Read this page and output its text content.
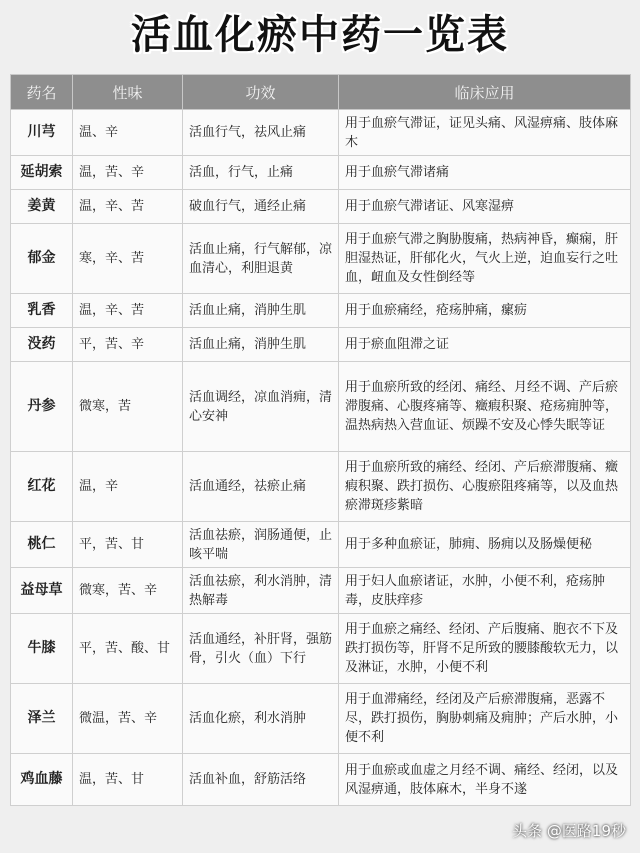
活血化瘀中药一览表
药名	性味	功效	临床应用
川芎	温、辛	活血行气，祛风止痛	用于血瘀气滞证，证见头痛、风湿痹痛、肢体麻木
延胡索	温，苦、辛	活血，行气，止痛	用于血瘀气滞诸痛
姜黄	温，辛、苦	破血行气，通经止痛	用于血瘀气滞诸证、风寒湿痹
郁金	寒，辛、苦	活血止痛，行气解郁，凉血清心，利胆退黄	用于血瘀气滞之胸胁腹痛，热病神昏，癫痫，肝胆湿热证，肝郁化火，气火上逆，迫血妄行之吐血，衄血及女性倒经等
乳香	温，辛、苦	活血止痛，消肿生肌	用于血瘀痛经，疮疡肿痛，瘰疬
没药	平，苦、辛	活血止痛，消肿生肌	用于瘀血阻滞之证
丹参	微寒，苦	活血调经，凉血消痈，清心安神	用于血瘀所致的经闭、痛经、月经不调、产后瘀滞腹痛、心腹疼痛等、癥瘕积聚、疮疡痈肿等，温热病热入营血证、烦躁不安及心悸失眠等证
红花	温，辛	活血通经，祛瘀止痛	用于血瘀所致的痛经、经闭、产后瘀滞腹痛、癥瘕积聚、跌打损伤、心腹瘀阻疼痛等，以及血热瘀滞斑疹紫暗
桃仁	平，苦、甘	活血祛瘀，润肠通便，止咳平喘	用于多种血瘀证，肺痈、肠痈以及肠燥便秘
益母草	微寒，苦、辛	活血祛瘀，利水消肿，清热解毒	用于妇人血瘀诸证，水肿，小便不利，疮疡肿毒，皮肤痒疹
牛膝	平，苦、酸、甘	活血通经，补肝肾，强筋骨，引火（血）下行	用于血瘀之痛经、经闭、产后腹痛、胞衣不下及跌打损伤等，肝肾不足所致的腰膝酸软无力，以及淋证，水肿，小便不利
泽兰	微温，苦、辛	活血化瘀，利水消肿	用于血滞痛经，经闭及产后瘀滞腹痛，恶露不尽，跌打损伤，胸胁刺痛及痈肿；产后水肿，小便不利
鸡血藤	温，苦、甘	活血补血，舒筋活络	用于血瘀或血虚之月经不调、痛经、经闭，以及风湿痹通，肢体麻木，半身不遂
头条 @医路19秒
